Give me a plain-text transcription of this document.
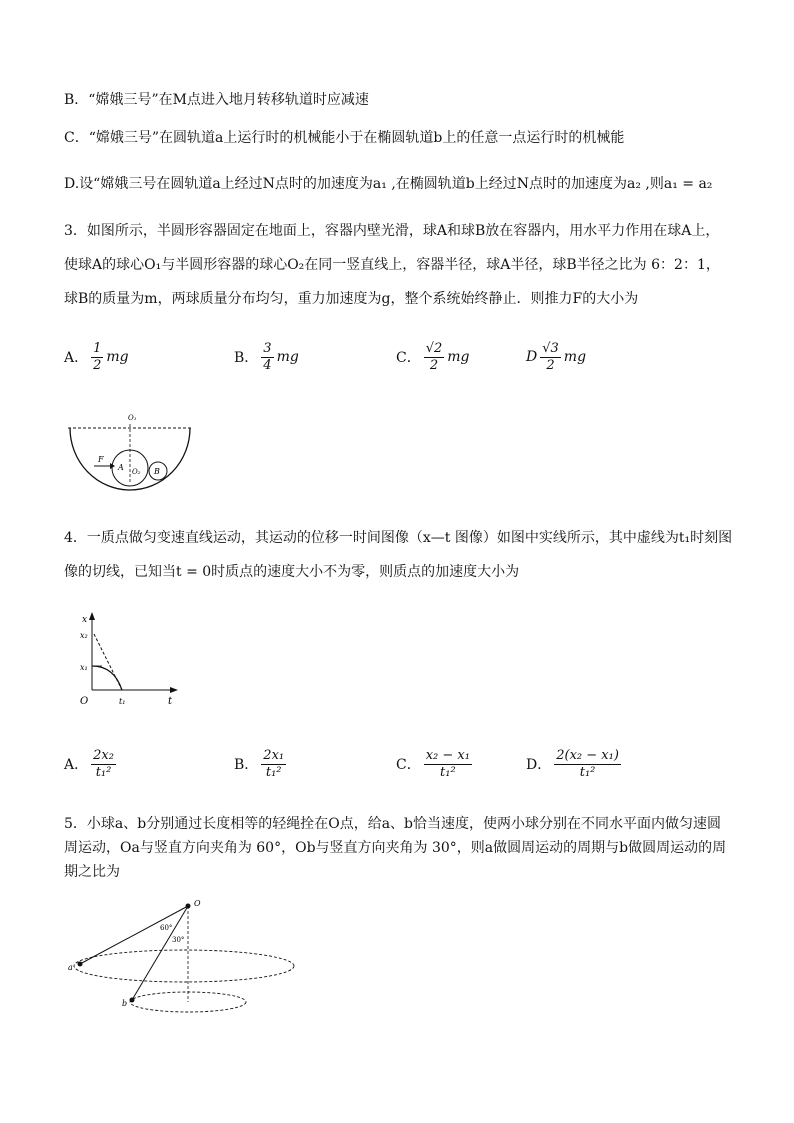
B．“嫦娥三号”在M点进入地月转移轨道时应减速
C．“嫦娥三号”在圆轨道a上运行时的机械能小于在椭圆轨道b上的任意一点运行时的机械能
D.设“嫦娥三号在圆轨道a上经过N点时的加速度为a₁ ,在椭圆轨道b上经过N点时的加速度为a₂ ,则a₁ = a₂
3．如图所示，半圆形容器固定在地面上，容器内壁光滑，球A和球B放在容器内，用水平力作用在球A上，
使球A的球心O₁与半圆形容器的球心O₂在同一竖直线上，容器半径，球A半径，球B半径之比为 6：2：1，
球B的质量为m，两球质量分布均匀，重力加速度为g，整个系统始终静止．则推力F的大小为
A． $\frac{1}{2}$ mg	B． $\frac{3}{4}$ mg	C． $\frac{√2}{2}$ mg	D $\frac{√3}{2}$ mg
F
O₁
A O₂ B
4．一质点做匀变速直线运动，其运动的位移一时间图像（x—t 图像）如图中实线所示，其中虚线为t₁时刻图
像的切线，已知当t = 0时质点的速度大小不为零，则质点的加速度大小为
x
x₂
x₁
O	t₁	t
A． $\frac{\text{2x₂}}{\text{t₁²}}$	B． $\frac{\text{2x₁}}{\text{t₁²}}$	C． $\frac{\text{x₂ − x₁}}{\text{t₁²}}$	D． $\frac{\text{2(x₂ − x₁)}}{\text{t₁²}}$
5．小球a、b分别通过长度相等的轻绳拴在O点，给a、b恰当速度，使两小球分别在不同水平面内做匀速圆
周运动，Oa与竖直方向夹角为 60°，Ob与竖直方向夹角为 30°，则a做圆周运动的周期与b做圆周运动的周
期之比为
O
a
b
60°
30°
